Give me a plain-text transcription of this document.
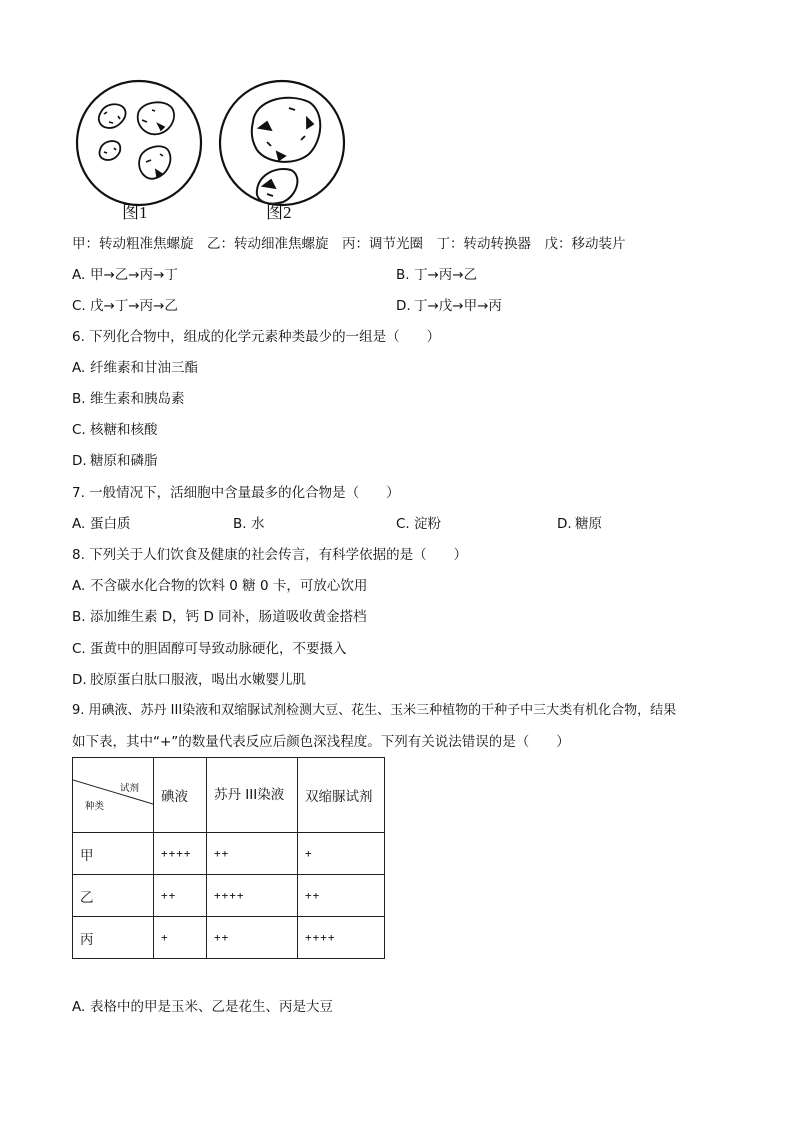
图1	图2
甲：转动粗准焦螺旋　乙：转动细准焦螺旋　丙：调节光圈　丁：转动转换器　戊：移动装片
A. 甲→乙→丙→丁	B. 丁→丙→乙
C. 戊→丁→丙→乙	D. 丁→戊→甲→丙
6. 下列化合物中，组成的化学元素种类最少的一组是（　　）
A. 纤维素和甘油三酯
B. 维生素和胰岛素
C. 核糖和核酸
D. 糖原和磷脂
7. 一般情况下，活细胞中含量最多的化合物是（　　）
A. 蛋白质	B. 水	C. 淀粉	D. 糖原
8. 下列关于人们饮食及健康的社会传言，有科学依据的是（　　）
A. 不含碳水化合物的饮料 0 糖 0 卡，可放心饮用
B. 添加维生素 D，钙 D 同补，肠道吸收黄金搭档
C. 蛋黄中的胆固醇可导致动脉硬化，不要摄入
D. 胶原蛋白肽口服液，喝出水嫩婴儿肌
9. 用碘液、苏丹 III染液和双缩脲试剂检测大豆、花生、玉米三种植物的干种子中三大类有机化合物，结果
如下表，其中“+”的数量代表反应后颜色深浅程度。下列有关说法错误的是（　　）
试剂
种类	碘液	苏丹 III染液	双缩脲试剂
甲	++++	++	+
乙	++	++++	++
丙	+	++	++++
A. 表格中的甲是玉米、乙是花生、丙是大豆
